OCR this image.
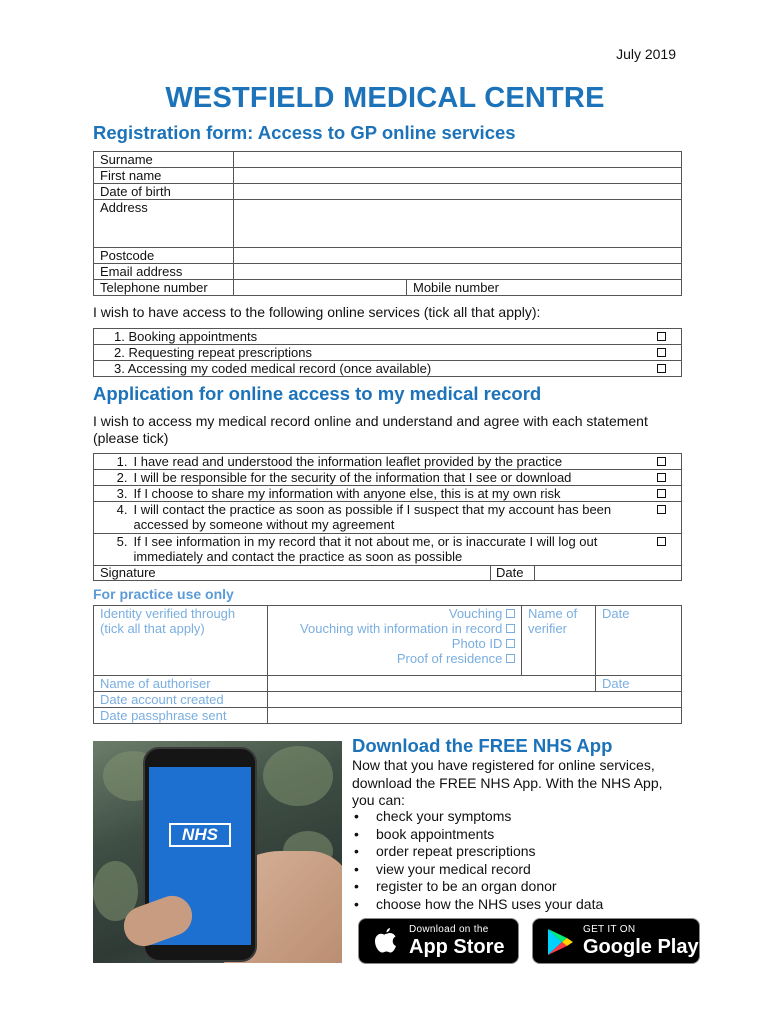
July 2019
WESTFIELD MEDICAL CENTRE
Registration form: Access to GP online services
Surname		
First name		
Date of birth		
Address		
Postcode		
Email address		
Telephone number		Mobile number
I wish to have access to the following online services (tick all that apply):
1. Booking appointments	
2. Requesting repeat prescriptions	
3. Accessing my coded medical record (once available)	
Application for online access to my medical record
I wish to access my medical record online and understand and agree with each statement (please tick)
1.	I have read and understood the information leaflet provided by the practice	
2.	I will be responsible for the security of the information that I see or download	
3.	If I choose to share my information with anyone else, this is at my own risk	
4.	I will contact the practice as soon as possible if I suspect that my account has been accessed by someone without my agreement	
5.	If I see information in my record that it not about me, or is inaccurate I will log out immediately and contact the practice as soon as possible	
Signature	Date
For practice use only
Identity verified through (tick all that apply)	Vouching
Vouching with information in record
Photo ID
Proof of residence	Name of verifier	Date
Name of authoriser			Date
Date account created			
Date passphrase sent			
NHS
Download the FREE NHS App
Now that you have registered for online services, download the FREE NHS App. With the NHS App, you can:
• check your symptoms
• book appointments
• order repeat prescriptions
• view your medical record
• register to be an organ donor
• choose how the NHS uses your data
Download on the
App Store
GET IT ON
Google Play
